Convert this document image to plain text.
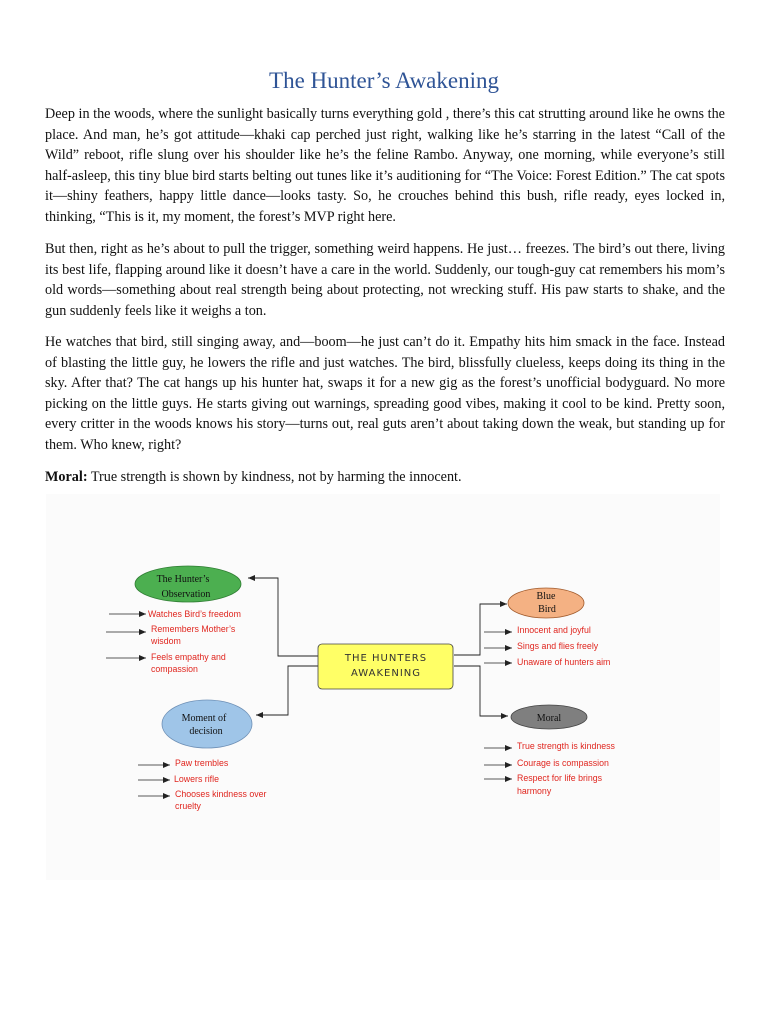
The Hunter’s Awakening

Deep in the woods, where the sunlight basically turns everything gold , there’s this cat strutting around like he owns the place. And man, he’s got attitude—khaki cap perched just right, walking like he’s starring in the latest “Call of the Wild” reboot, rifle slung over his shoulder like he’s the feline Rambo. Anyway, one morning, while everyone’s still half-asleep, this tiny blue bird starts belting out tunes like it’s auditioning for “The Voice: Forest Edition.” The cat spots it—shiny feathers, happy little dance—looks tasty. So, he crouches behind this bush, rifle ready, eyes locked in, thinking, “This is it, my moment, the forest’s MVP right here.

But then, right as he’s about to pull the trigger, something weird happens. He just… freezes. The bird’s out there, living its best life, flapping around like it doesn’t have a care in the world. Suddenly, our tough-guy cat remembers his mom’s old words—something about real strength being about protecting, not wrecking stuff. His paw starts to shake, and the gun suddenly feels like it weighs a ton.

He watches that bird, still singing away, and—boom—he just can’t do it. Empathy hits him smack in the face. Instead of blasting the little guy, he lowers the rifle and just watches. The bird, blissfully clueless, keeps doing its thing in the sky. After that? The cat hangs up his hunter hat, swaps it for a new gig as the forest’s unofficial bodyguard. No more picking on the little guys. He starts giving out warnings, spreading good vibes, making it cool to be kind. Pretty soon, every critter in the woods knows his story—turns out, real guts aren’t about taking down the weak, but standing up for them. Who knew, right?

Moral: True strength is shown by kindness, not by harming the innocent.

THE HUNTERS
AWAKENING
The Hunter’s
Observation
Watches Bird’s freedom
Remembers Mother’s
wisdom
Feels empathy and
compassion
Moment of
decision
Paw trembles
Lowers rifle
Chooses kindness over
cruelty
Blue
Bird
Innocent and joyful
Sings and flies freely
Unaware of hunters aim
Moral
True strength is kindness
Courage is compassion
Respect for life brings
harmony
